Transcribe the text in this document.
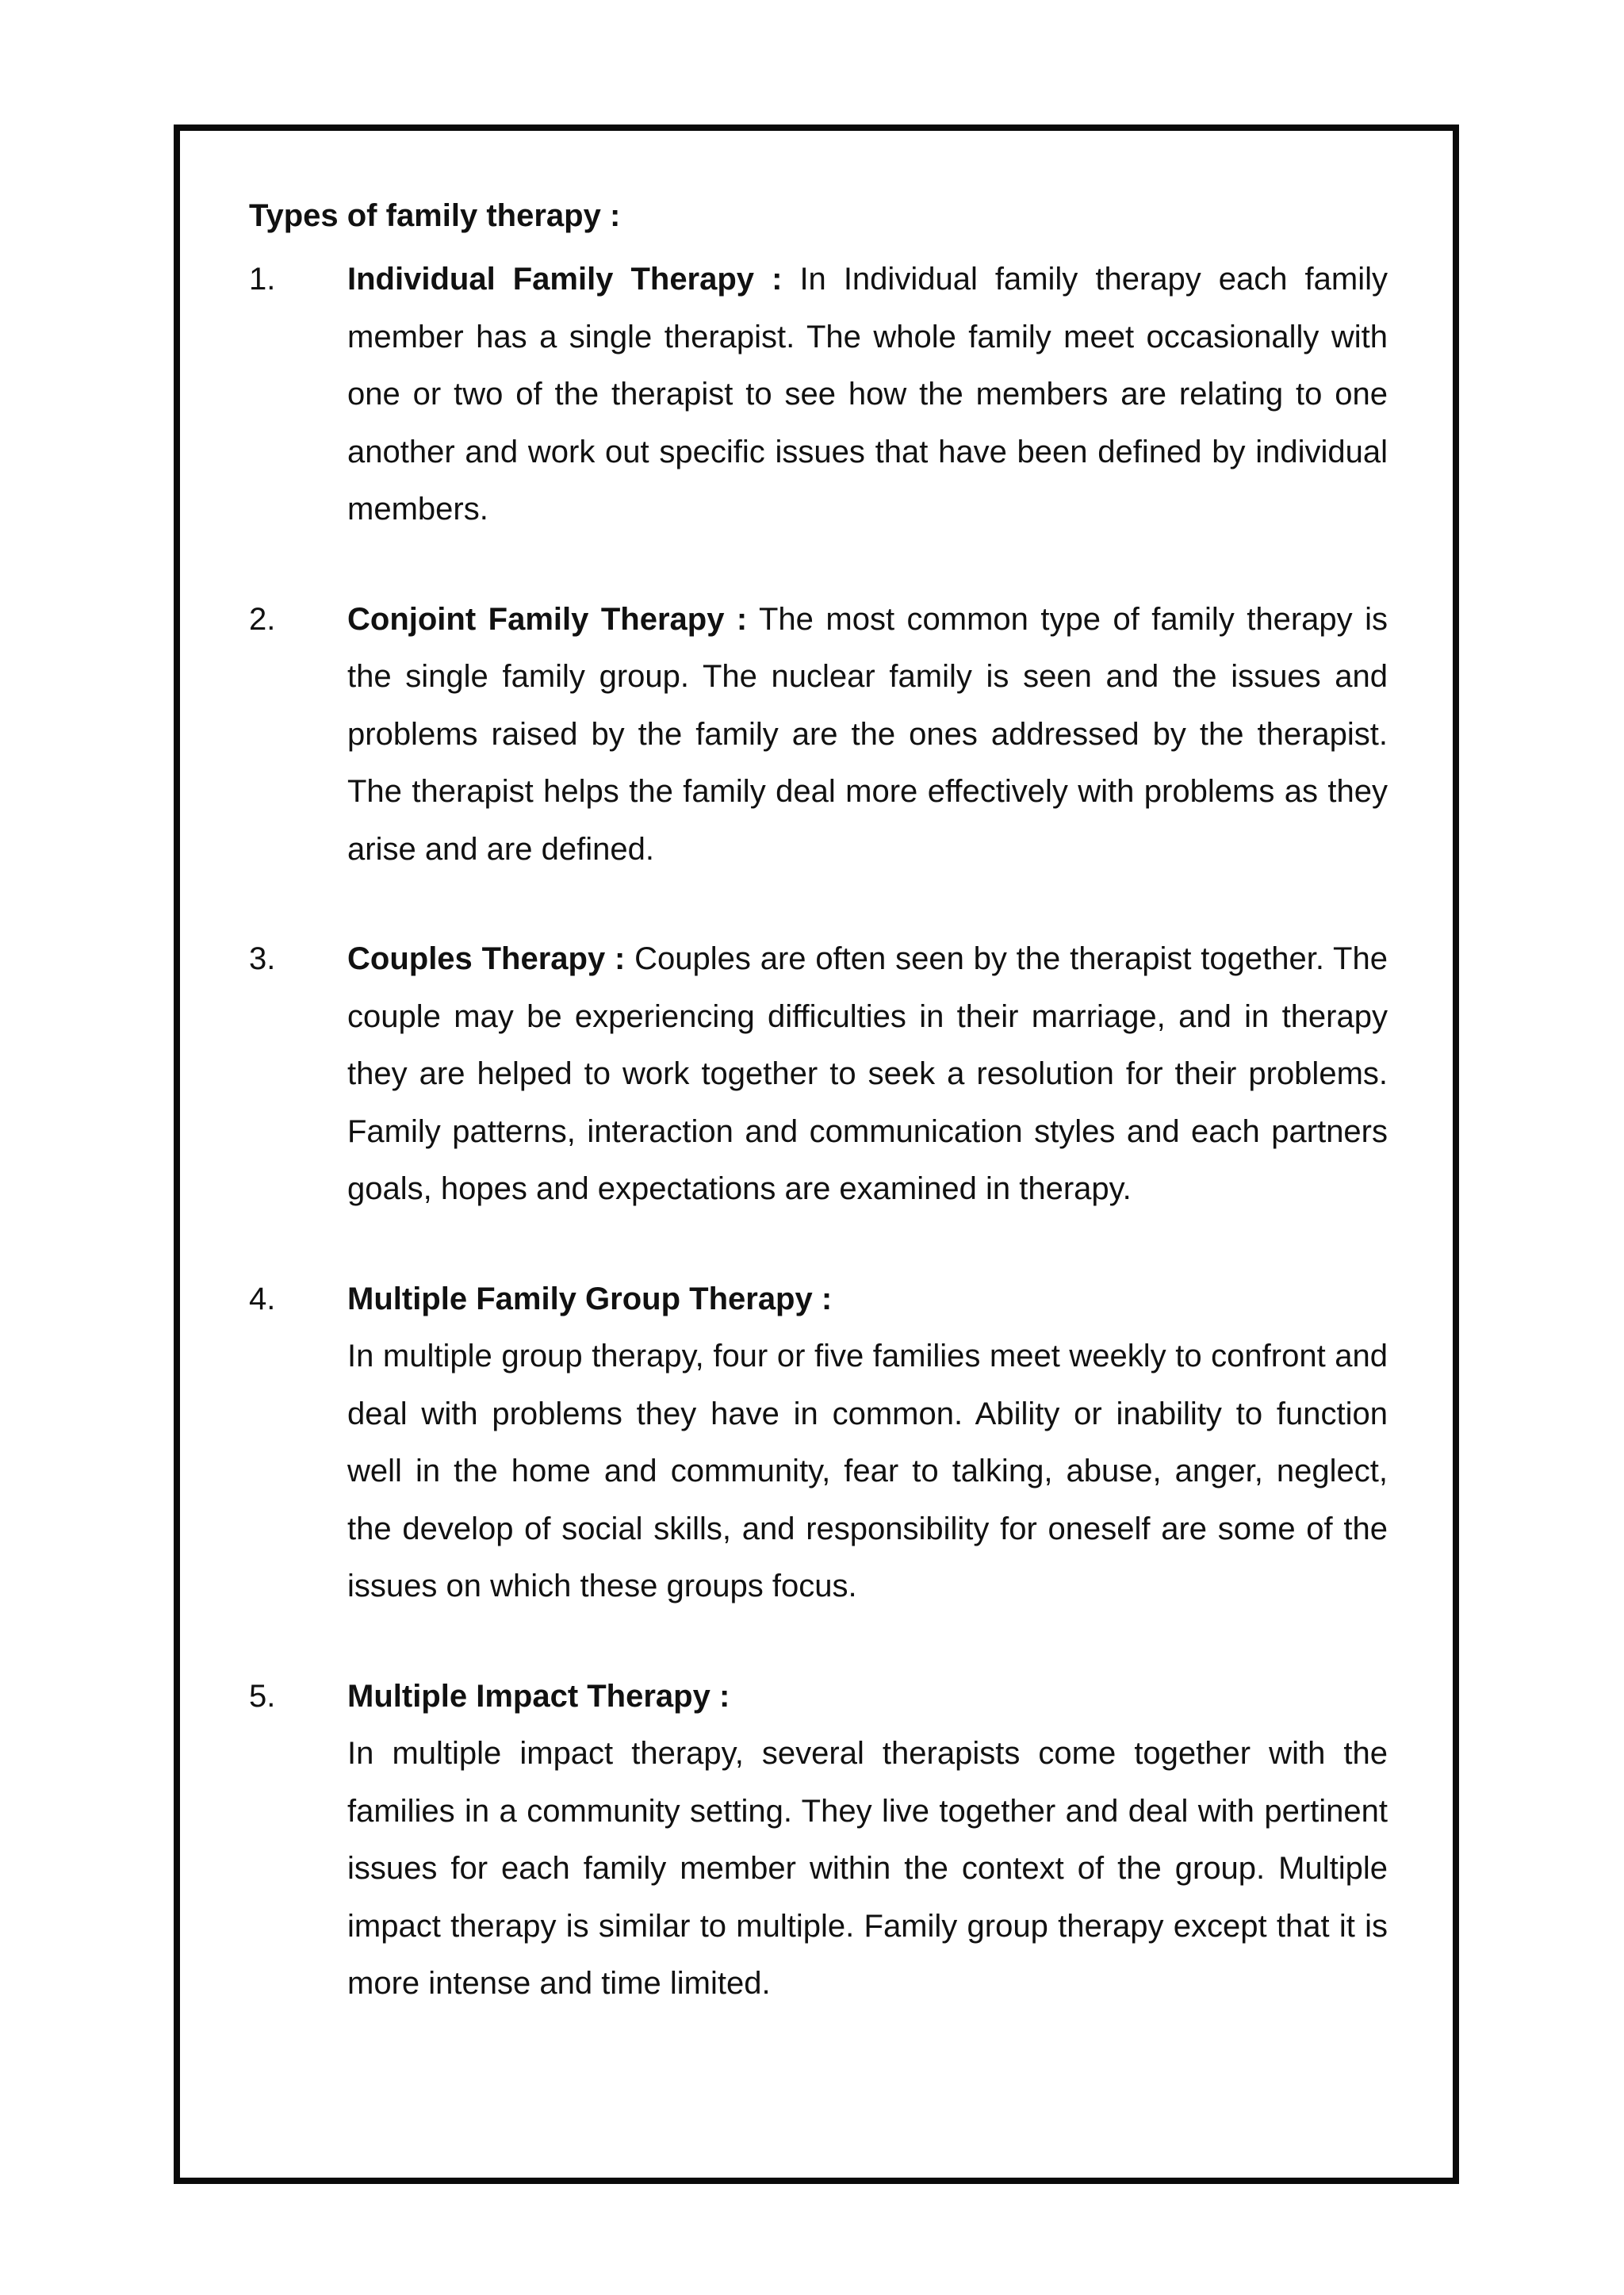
Types of family therapy :
1. Individual Family Therapy : In Individual family therapy each family member has a single therapist. The whole family meet occasionally with one or two of the therapist to see how the members are relating to one another and work out specific issues that have been defined by individual members.
2. Conjoint Family Therapy : The most common type of family therapy is the single family group. The nuclear family is seen and the issues and problems raised by the family are the ones addressed by the therapist. The therapist helps the family deal more effectively with problems as they arise and are defined.
3. Couples Therapy : Couples are often seen by the therapist together. The couple may be experiencing difficulties in their marriage, and in therapy they are helped to work together to seek a resolution for their problems. Family patterns, interaction and communication styles and each partners goals, hopes and expectations are examined in therapy.
4. Multiple Family Group Therapy :
In multiple group therapy, four or five families meet weekly to confront and deal with problems they have in common. Ability or inability to function well in the home and community, fear to talking, abuse, anger, neglect, the develop of social skills, and responsibility for oneself are some of the issues on which these groups focus.
5. Multiple Impact Therapy :
In multiple impact therapy, several therapists come together with the families in a community setting. They live together and deal with pertinent issues for each family member within the context of the group. Multiple impact therapy is similar to multiple. Family group therapy except that it is more intense and time limited.
